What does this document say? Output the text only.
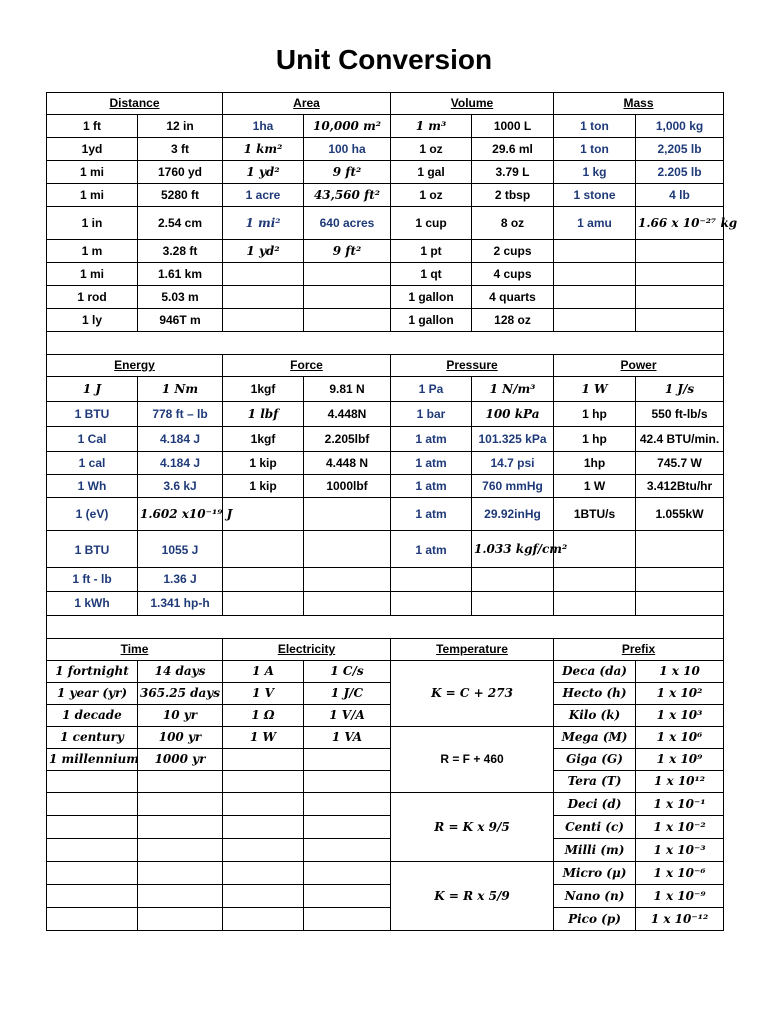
Unit Conversion
Distance		Area		Volume		Mass	
1 ft	12 in	1ha	10,000 m²	1 m³	1000 L	1 ton	1,000 kg
1yd	3 ft	1 km²	100 ha	1 oz	29.6 ml	1 ton	2,205 lb
1 mi	1760 yd	1 yd²	9 ft²	1 gal	3.79 L	1 kg	2.205 lb
1 mi	5280 ft	1 acre	43,560 ft²	1 oz	2 tbsp	1 stone	4 lb
1 in	2.54 cm	1 mi²	640 acres	1 cup	8 oz	1 amu	1.66 x 10⁻²⁷ kg
1 m	3.28 ft	1 yd²	9 ft²	1 pt	2 cups		
1 mi	1.61 km			1 qt	4 cups		
1 rod	5.03 m			1 gallon	4 quarts		
1 ly	946T m			1 gallon	128 oz		

Energy		Force		Pressure		Power	
1 J	1 Nm	1kgf	9.81 N	1 Pa	1 N/m³	1 W	1 J/s
1 BTU	778 ft – lb	1 lbf	4.448N	1 bar	100 kPa	1 hp	550 ft-lb/s
1 Cal	4.184 J	1kgf	2.205lbf	1 atm	101.325 kPa	1 hp	42.4 BTU/min.
1 cal	4.184 J	1 kip	4.448 N	1 atm	14.7 psi	1hp	745.7 W
1 Wh	3.6 kJ	1 kip	1000lbf	1 atm	760 mmHg	1 W	3.412Btu/hr
1 (eV)	1.602 x10⁻¹⁹ J			1 atm	29.92inHg	1BTU/s	1.055kW
1 BTU	1055 J			1 atm	1.033 kgf/cm²		
1 ft - lb	1.36 J						
1 kWh	1.341 hp-h						

Time		Electricity		Temperature		Prefix	
1 fortnight	14 days	1 A	1 C/s	K = C + 273		Deca (da)	1 x 10
1 year (yr)	365.25 days	1 V	1 J/C			Hecto (h)	1 x 10²
1 decade	10 yr	1 Ω	1 V/A			Kilo (k)	1 x 10³
1 century	100 yr	1 W	1 VA	R = F + 460		Mega (M)	1 x 10⁶
1 millennium	1000 yr					Giga (G)	1 x 10⁹
						Tera (T)	1 x 10¹²
				R = K x 9/5		Deci (d)	1 x 10⁻¹
						Centi (c)	1 x 10⁻²
						Milli (m)	1 x 10⁻³
				K = R x 5/9		Micro (μ)	1 x 10⁻⁶
						Nano (n)	1 x 10⁻⁹
						Pico (p)	1 x 10⁻¹²
